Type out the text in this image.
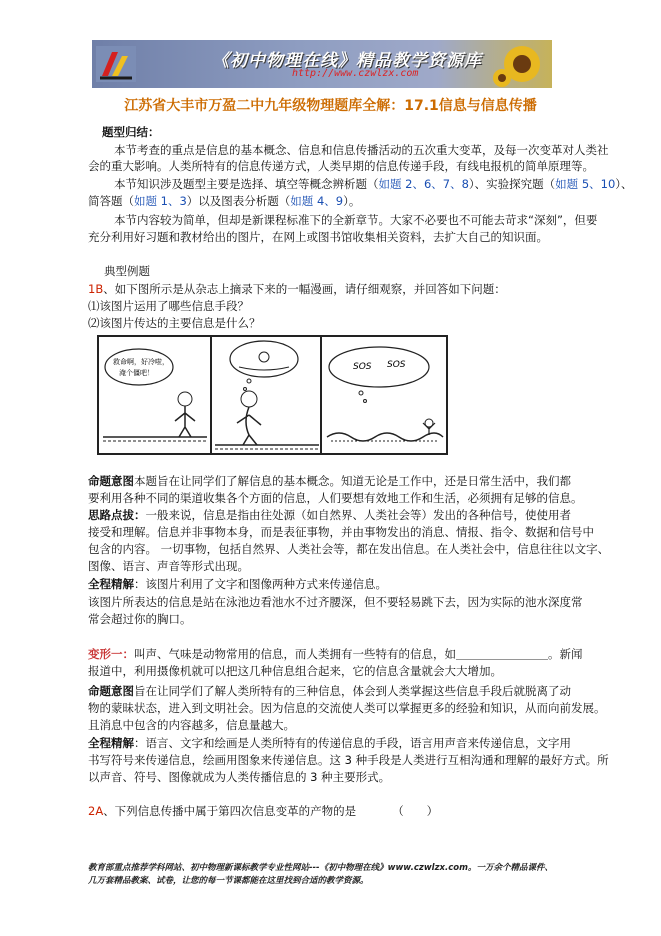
《初中物理在线》精品教学资源库
http://www.czwlzx.com
江苏省大丰市万盈二中九年级物理题库全解：17.1信息与信息传播
题型归结：
本节考查的重点是信息的基本概念、信息和信息传播活动的五次重大变革，及每一次变革对人类社
会的重大影响。人类所特有的信息传递方式，人类早期的信息传递手段，有线电报机的简单原理等。
本节知识涉及题型主要是选择、填空等概念辨析题（如题 2、6、7、8）、实验探究题（如题 5、10）、
简答题（如题 1、3）以及图表分析题（如题 4、9）。
本节内容较为简单，但却是新课程标准下的全新章节。大家不必要也不可能去苛求“深刻”，但要
充分利用好习题和教材给出的图片，在网上或图书馆收集相关资料，去扩大自己的知识面。
典型例题
1B、如下图所示是从杂志上摘录下来的一幅漫画，请仔细观察，并回答如下问题：
⑴该图片运用了哪些信息手段？
⑵该图片传达的主要信息是什么？
救命啊，好冷啦，
淹个僵吧！
SOS SOS
命题意图本题旨在让同学们了解信息的基本概念。知道无论是工作中，还是日常生活中，我们都
要利用各种不同的渠道收集各个方面的信息，人们要想有效地工作和生活，必须拥有足够的信息。
思路点拔：一般来说，信息是指由往处源（如自然界、人类社会等）发出的各种信号，使使用者
接受和理解。信息并非事物本身，而是表征事物，并由事物发出的消息、情报、指令、数据和信号中
包含的内容。 一切事物，包括自然界、人类社会等，都在发出信息。在人类社会中，信息往往以文字、
图像、语言、声音等形式出现。
全程精解：该图片利用了文字和图像两种方式来传递信息。
该图片所表达的信息是站在泳池边看池水不过齐腰深，但不要轻易跳下去，因为实际的池水深度常
常会超过你的胸口。
变形一：叫声、气味是动物常用的信息，而人类拥有一些特有的信息，如＿＿＿＿＿＿＿＿。新闻
报道中，利用摄像机就可以把这几种信息组合起来，它的信息含量就会大大增加。
命题意图旨在让同学们了解人类所特有的三种信息，体会到人类掌握这些信息手段后就脱离了动
物的蒙昧状态，进入到文明社会。因为信息的交流使人类可以掌握更多的经验和知识，从而向前发展。
且消息中包含的内容越多，信息量越大。
全程精解：语言、文字和绘画是人类所特有的传递信息的手段，语言用声音来传递信息，文字用
书写符号来传递信息，绘画用图象来传递信息。这 3 种手段是人类进行互相沟通和理解的最好方式。所
以声音、符号、图像就成为人类传播信息的 3 种主要形式。
2A、下列信息传播中属于第四次信息变革的产物的是	（　　）
教育部重点推荐学科网站、初中物理新课标教学专业性网站---《初中物理在线》www.czwlzx.com。一万余个精品课件、
几万套精品教案、试卷，让您的每一节课都能在这里找到合适的教学资源。
